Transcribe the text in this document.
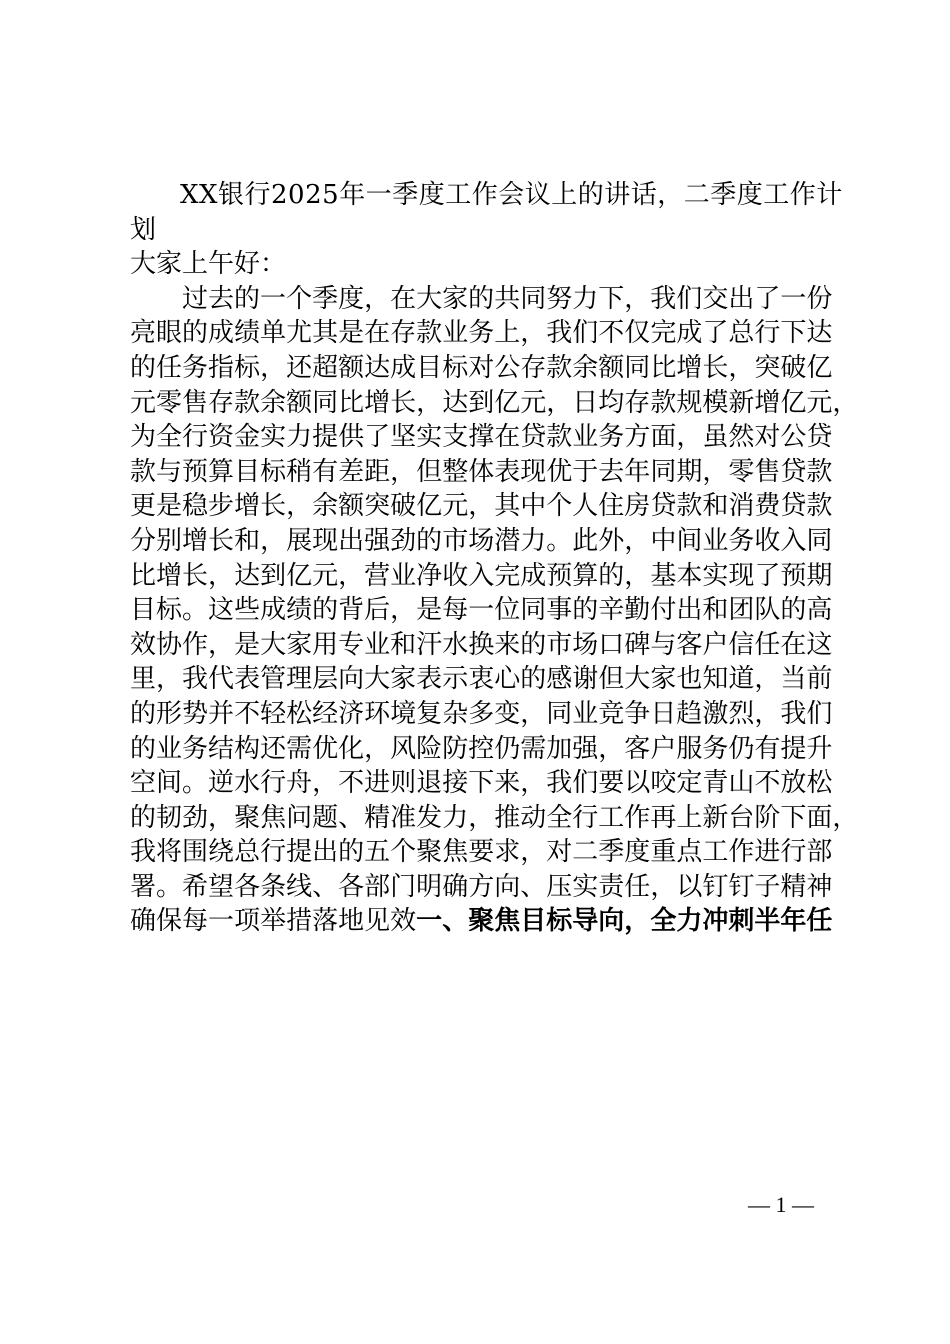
XX银行2025年一季度工作会议上的讲话，二季度工作计
划
大家上午好：
过 去 的 一 个 季 度 ， 在 大 家 的 共 同 努 力 下 ， 我 们 交 出 了 一 份
亮 眼 的 成 绩 单 尤 其 是 在 存 款 业 务 上 ， 我 们 不 仅 完 成 了 总 行 下 达
的 任 务 指 标 ， 还 超 额 达 成 目 标 对 公 存 款 余 额 同 比 增 长 ， 突 破 亿
元 零 售 存 款 余 额 同 比 增 长 ， 达 到 亿 元 ， 日 均 存 款 规 模 新 增 亿 元 ，
为 全 行 资 金 实 力 提 供 了 坚 实 支 撑 在 贷 款 业 务 方 面 ， 虽 然 对 公 贷
款 与 预 算 目 标 稍 有 差 距 ， 但 整 体 表 现 优 于 去 年 同 期 ， 零 售 贷 款
更 是 稳 步 增 长 ， 余 额 突 破 亿 元 ， 其 中 个 人 住 房 贷 款 和 消 费 贷 款
分 别 增 长 和 ， 展 现 出 强 劲 的 市 场 潜 力 。 此 外 ， 中 间 业 务 收 入 同
比 增 长 ， 达 到 亿 元 ， 营 业 净 收 入 完 成 预 算 的 ， 基 本 实 现 了 预 期
目 标 。 这 些 成 绩 的 背 后 ， 是 每 一 位 同 事 的 辛 勤 付 出 和 团 队 的 高
效 协 作 ， 是 大 家 用 专 业 和 汗 水 换 来 的 市 场 口 碑 与 客 户 信 任 在 这
里 ， 我 代 表 管 理 层 向 大 家 表 示 衷 心 的 感 谢 但 大 家 也 知 道 ， 当 前
的 形 势 并 不 轻 松 经 济 环 境 复 杂 多 变 ， 同 业 竞 争 日 趋 激 烈 ， 我 们
的 业 务 结 构 还 需 优 化 ， 风 险 防 控 仍 需 加 强 ， 客 户 服 务 仍 有 提 升
空 间 。 逆 水 行 舟 ， 不 进 则 退 接 下 来 ， 我 们 要 以 咬 定 青 山 不 放 松
的 韧 劲 ， 聚 焦 问 题 、 精 准 发 力 ， 推 动 全 行 工 作 再 上 新 台 阶 下 面 ，
我 将 围 绕 总 行 提 出 的 五 个 聚 焦 要 求 ， 对 二 季 度 重 点 工 作 进 行 部
署 。 希 望 各 条 线 、 各 部 门 明 确 方 向 、 压 实 责 任 ， 以 钉 钉 子 精 神
确 保 每 一 项 举 措 落 地 见 效 一 、 聚 焦 目 标 导 向 ， 全 力 冲 刺 半 年 任
— 1 —
